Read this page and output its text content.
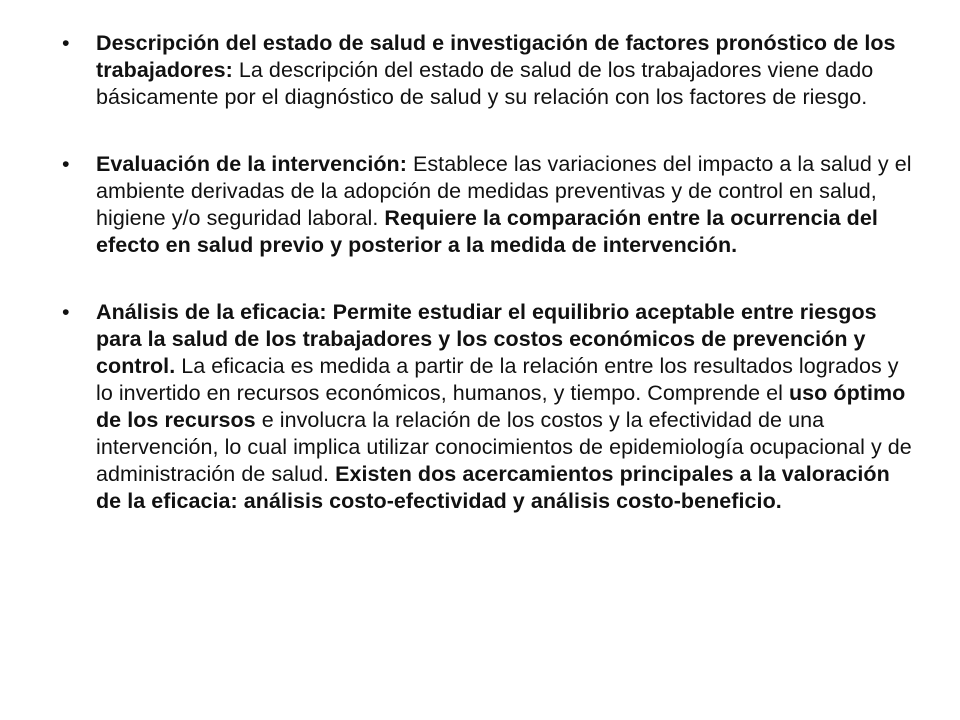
•	Descripción del estado de salud e investigación de factores pronóstico de los trabajadores: La descripción del estado de salud de los trabajadores viene dado básicamente por el diagnóstico de salud y su relación con los factores de riesgo.
•	Evaluación de la intervención: Establece las variaciones del impacto a la salud y el ambiente derivadas de la adopción de medidas preventivas y de control en salud, higiene y/o seguridad laboral. Requiere la comparación entre la ocurrencia del efecto en salud previo y posterior a la medida de intervención.
•	Análisis de la eficacia: Permite estudiar el equilibrio aceptable entre riesgos para la salud de los trabajadores y los costos económicos de prevención y control. La eficacia es medida a partir de la relación entre los resultados logrados y lo invertido en recursos económicos, humanos, y tiempo. Comprende el uso óptimo de los recursos e involucra la relación de los costos y la efectividad de una intervención, lo cual implica utilizar conocimientos de epidemiología ocupacional y de administración de salud. Existen dos acercamientos principales a la valoración de la eficacia: análisis costo-efectividad y análisis costo-beneficio.
